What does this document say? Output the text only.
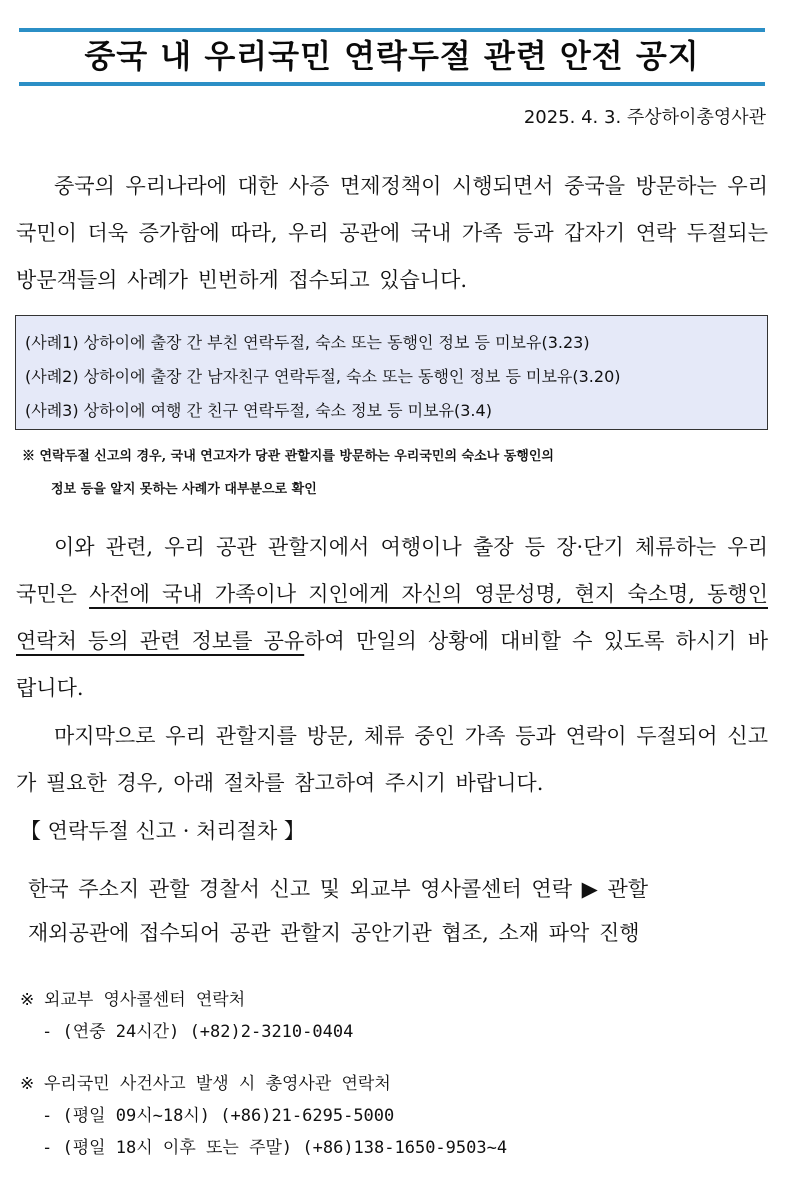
중국 내 우리국민 연락두절 관련 안전 공지
2025. 4. 3. 주상하이총영사관
중국의 우리나라에 대한 사증 면제정책이 시행되면서 중국을 방문하는 우리국민이 더욱 증가함에 따라, 우리 공관에 국내 가족 등과 갑자기 연락 두절되는 방문객들의 사례가 빈번하게 접수되고 있습니다.
(사례1) 상하이에 출장 간 부친 연락두절, 숙소 또는 동행인 정보 등 미보유(3.23)
(사례2) 상하이에 출장 간 남자친구 연락두절, 숙소 또는 동행인 정보 등 미보유(3.20)
(사례3) 상하이에 여행 간 친구 연락두절, 숙소 정보 등 미보유(3.4)
※ 연락두절 신고의 경우, 국내 연고자가 당관 관할지를 방문하는 우리국민의 숙소나 동행인의
정보 등을 알지 못하는 사례가 대부분으로 확인
이와 관련, 우리 공관 관할지에서 여행이나 출장 등 장·단기 체류하는 우리국민은 사전에 국내 가족이나 지인에게 자신의 영문성명, 현지 숙소명, 동행인 연락처 등의 관련 정보를 공유하여 만일의 상황에 대비할 수 있도록 하시기 바랍니다.
마지막으로 우리 관할지를 방문, 체류 중인 가족 등과 연락이 두절되어 신고가 필요한 경우, 아래 절차를 참고하여 주시기 바랍니다.
【 연락두절 신고 · 처리절차 】
한국 주소지 관할 경찰서 신고 및 외교부 영사콜센터 연락 ▶ 관할
재외공관에 접수되어 공관 관할지 공안기관 협조, 소재 파악 진행
※ 외교부 영사콜센터 연락처
- (연중 24시간) (+82)2-3210-0404
※ 우리국민 사건사고 발생 시 총영사관 연락처
- (평일 09시~18시) (+86)21-6295-5000
- (평일 18시 이후 또는 주말) (+86)138-1650-9503~4
